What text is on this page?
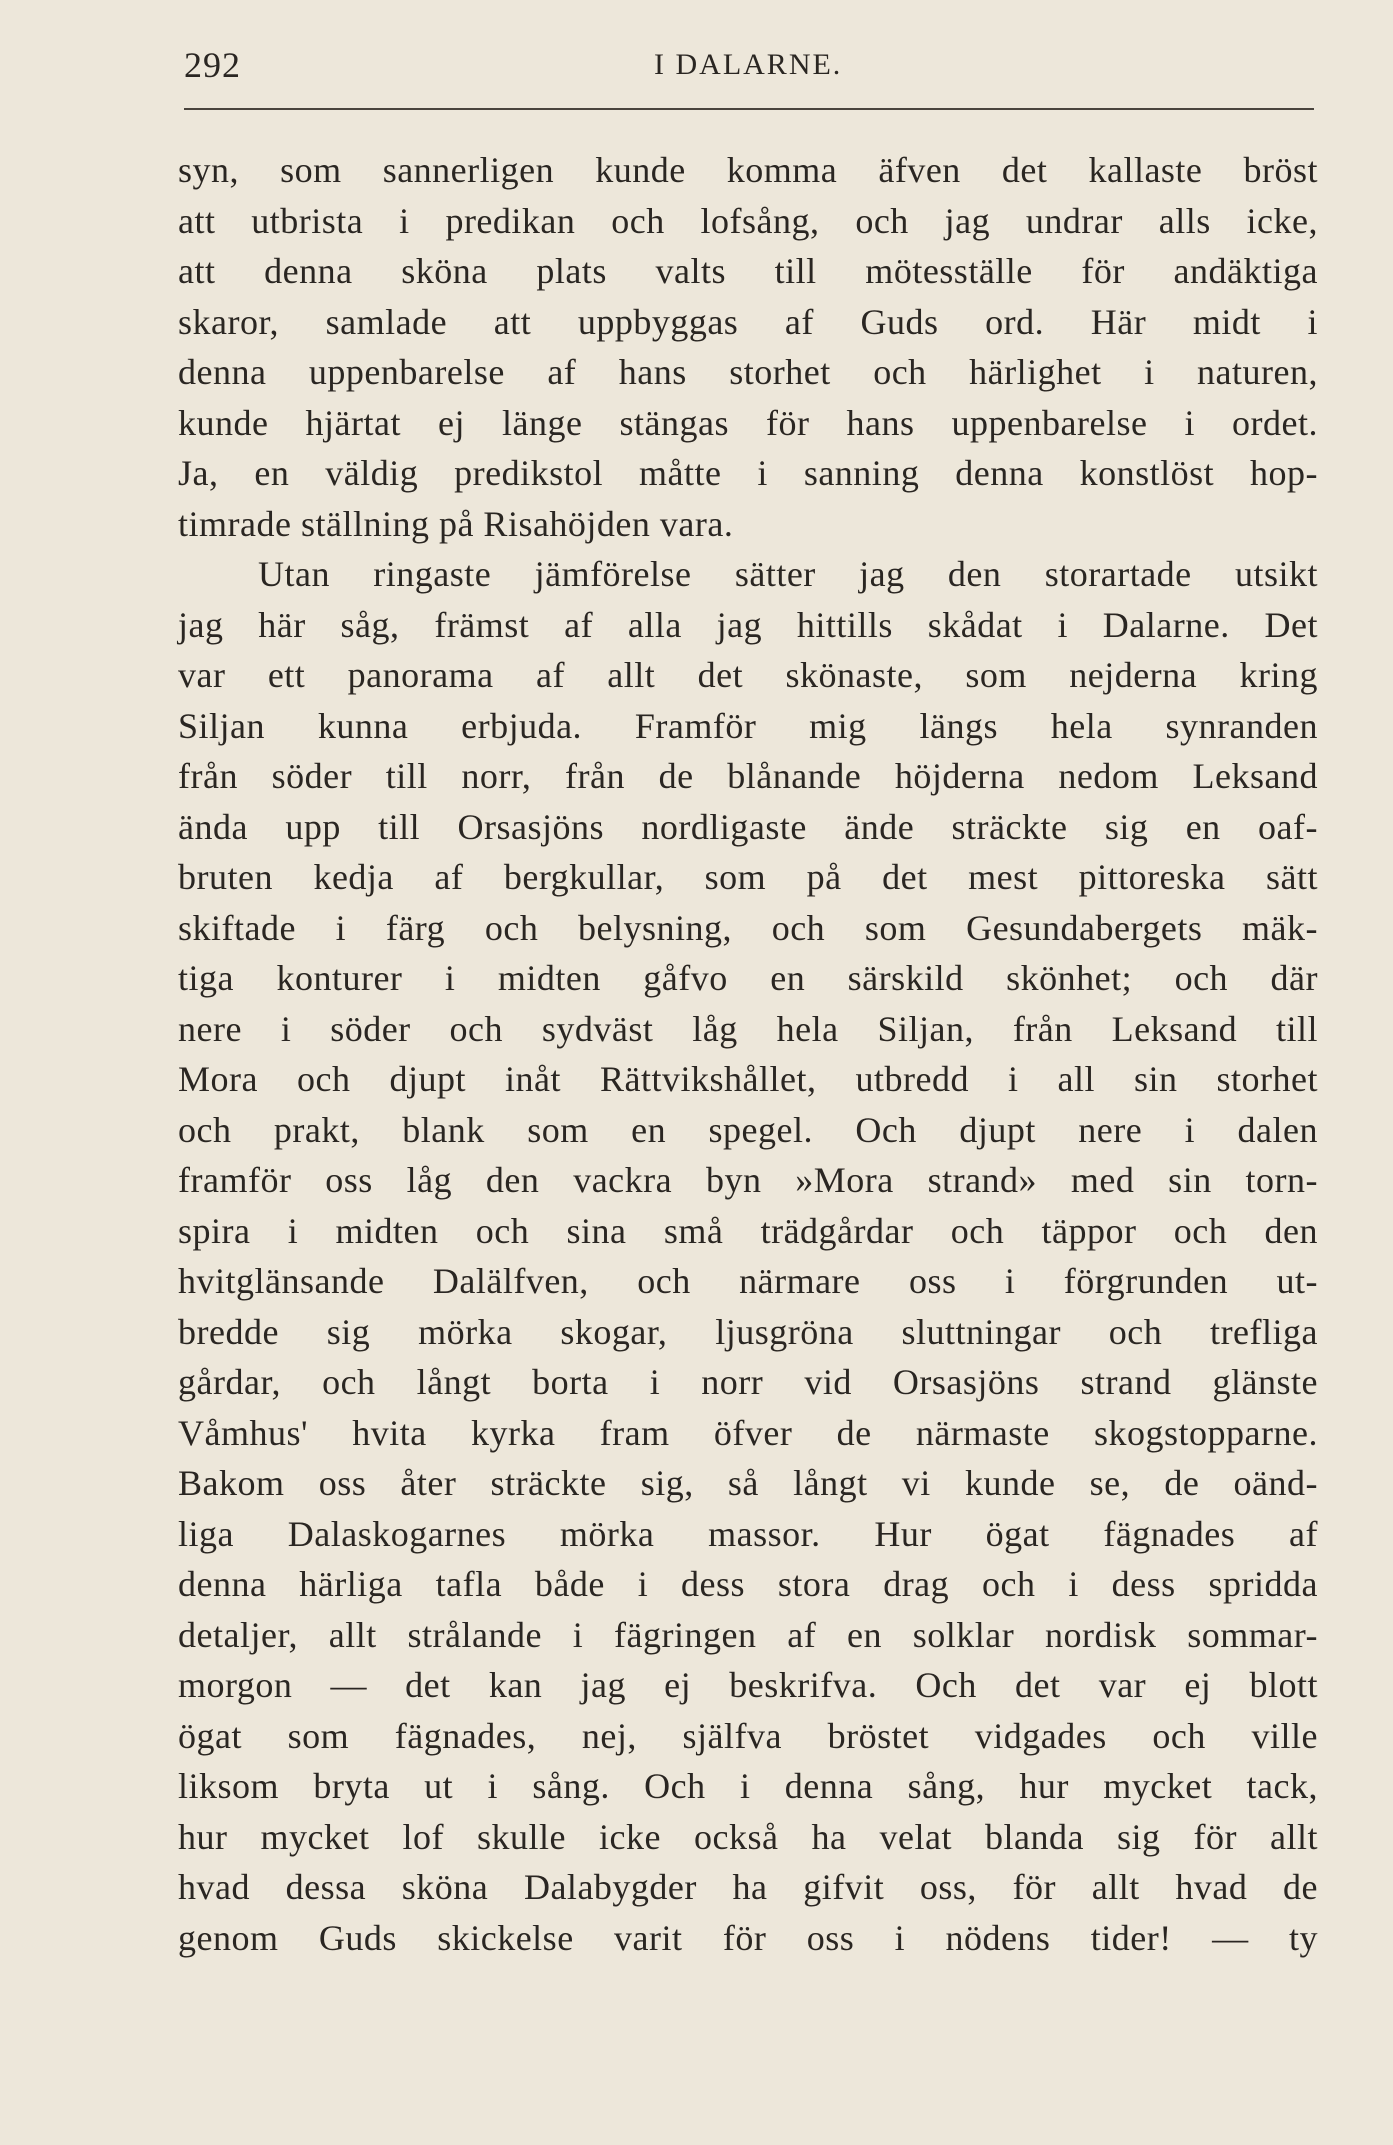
292	I DALARNE.
syn, som sannerligen kunde komma äfven det kallaste bröst
att utbrista i predikan och lofsång, och jag undrar alls icke,
att denna sköna plats valts till mötesställe för andäktiga
skaror, samlade att uppbyggas af Guds ord. Här midt i
denna uppenbarelse af hans storhet och härlighet i naturen,
kunde hjärtat ej länge stängas för hans uppenbarelse i ordet.
Ja, en väldig predikstol måtte i sanning denna konstlöst hop-
timrade ställning på Risahöjden vara.
Utan ringaste jämförelse sätter jag den storartade utsikt
jag här såg, främst af alla jag hittills skådat i Dalarne. Det
var ett panorama af allt det skönaste, som nejderna kring
Siljan kunna erbjuda. Framför mig längs hela synranden
från söder till norr, från de blånande höjderna nedom Leksand
ända upp till Orsasjöns nordligaste ände sträckte sig en oaf-
bruten kedja af bergkullar, som på det mest pittoreska sätt
skiftade i färg och belysning, och som Gesundabergets mäk-
tiga konturer i midten gåfvo en särskild skönhet; och där
nere i söder och sydväst låg hela Siljan, från Leksand till
Mora och djupt inåt Rättvikshållet, utbredd i all sin storhet
och prakt, blank som en spegel. Och djupt nere i dalen
framför oss låg den vackra byn »Mora strand» med sin torn-
spira i midten och sina små trädgårdar och täppor och den
hvitglänsande Dalälfven, och närmare oss i förgrunden ut-
bredde sig mörka skogar, ljusgröna sluttningar och trefliga
gårdar, och långt borta i norr vid Orsasjöns strand glänste
Våmhus' hvita kyrka fram öfver de närmaste skogstopparne.
Bakom oss åter sträckte sig, så långt vi kunde se, de oänd-
liga Dalaskogarnes mörka massor. Hur ögat fägnades af
denna härliga tafla både i dess stora drag och i dess spridda
detaljer, allt strålande i fägringen af en solklar nordisk sommar-
morgon — det kan jag ej beskrifva. Och det var ej blott
ögat som fägnades, nej, själfva bröstet vidgades och ville
liksom bryta ut i sång. Och i denna sång, hur mycket tack,
hur mycket lof skulle icke också ha velat blanda sig för allt
hvad dessa sköna Dalabygder ha gifvit oss, för allt hvad de
genom Guds skickelse varit för oss i nödens tider! — ty
